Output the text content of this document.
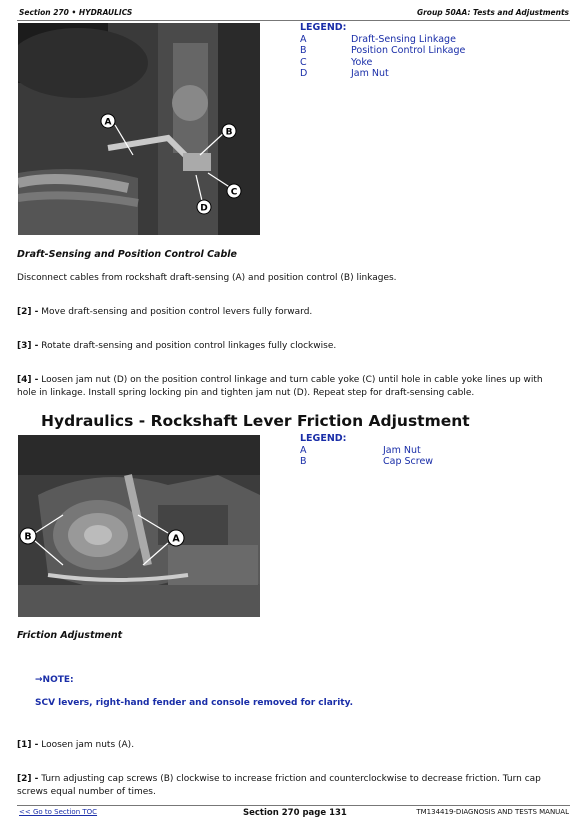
Section 270 • HYDRAULICS	Group 50AA: Tests and Adjustments
A
B
C
D
LEGEND:
A	Draft-Sensing Linkage
B	Position Control Linkage
C	Yoke
D	Jam Nut
Draft-Sensing and Position Control Cable
Disconnect cables from rockshaft draft-sensing (A) and position control (B) linkages.
[2] - Move draft-sensing and position control levers fully forward.
[3] - Rotate draft-sensing and position control linkages fully clockwise.
[4] - Loosen jam nut (D) on the position control linkage and turn cable yoke (C) until hole in cable yoke lines up with hole in linkage. Install spring locking pin and tighten jam nut (D). Repeat step for draft-sensing cable.
Hydraulics - Rockshaft Lever Friction Adjustment
B	A
LEGEND:
A	Jam Nut
B	Cap Screw
Friction Adjustment
→NOTE:
SCV levers, right-hand fender and console removed for clarity.
[1] - Loosen jam nuts (A).
[2] - Turn adjusting cap screws (B) clockwise to increase friction and counterclockwise to decrease friction. Turn cap screws equal number of times.
<< Go to Section TOC	Section 270 page 131	TM134419-DIAGNOSIS AND TESTS MANUAL
